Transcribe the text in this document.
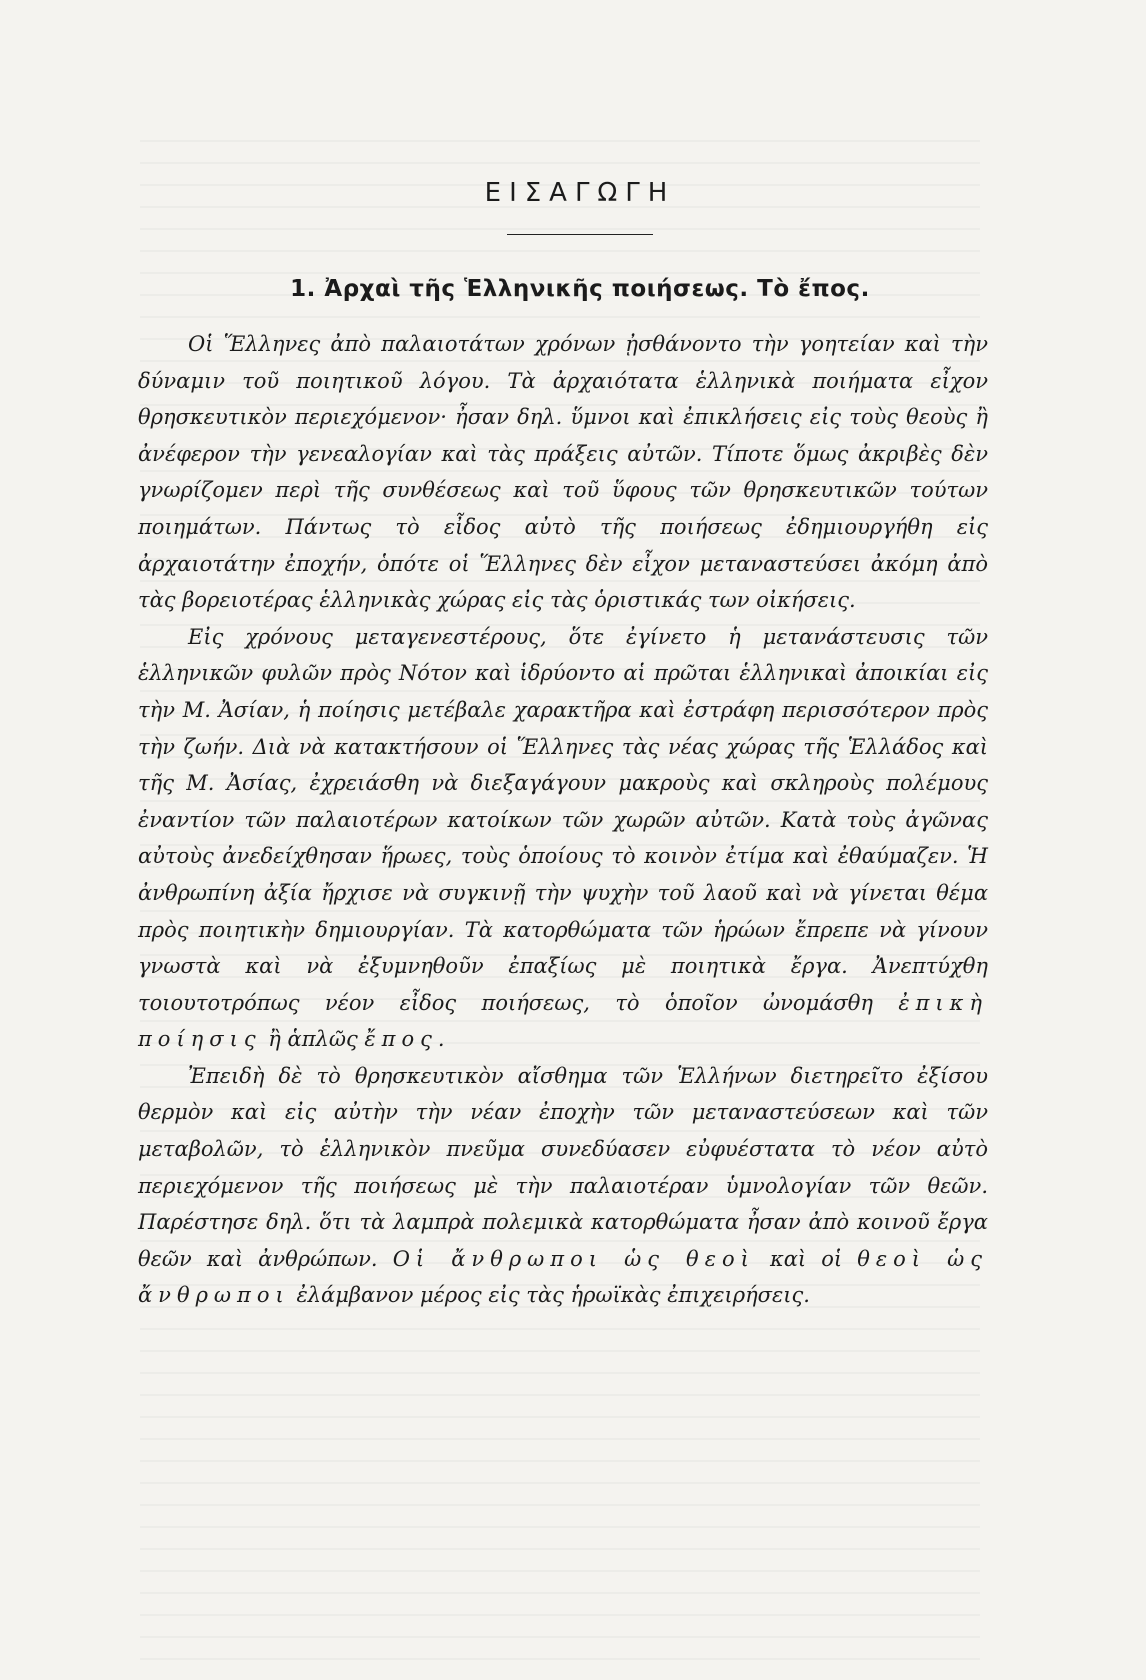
ΕΙΣΑΓΩΓΗ
1. Ἀρχαὶ τῆς Ἑλληνικῆς ποιήσεως. Τὸ ἔπος.

Οἱ Ἕλληνες ἀπὸ παλαιοτάτων χρόνων ᾐσθάνοντο τὴν γοητείαν καὶ τὴν δύναμιν τοῦ ποιητικοῦ λόγου. Τὰ ἀρχαιότατα ἑλληνικὰ ποιήματα εἶχον θρησκευτικὸν περιεχόμενον· ἦσαν δηλ. ὕμνοι καὶ ἐπικλήσεις εἰς τοὺς θεοὺς ἢ ἀνέφερον τὴν γενεαλογίαν καὶ τὰς πράξεις αὐτῶν. Τίποτε ὅμως ἀκριβὲς δὲν γνωρίζομεν περὶ τῆς συνθέσεως καὶ τοῦ ὕφους τῶν θρησκευτικῶν τούτων ποιημάτων. Πάντως τὸ εἶδος αὐτὸ τῆς ποιήσεως ἐδημιουργήθη εἰς ἀρχαιοτάτην ἐποχήν, ὁπότε οἱ Ἕλληνες δὲν εἶχον μεταναστεύσει ἀκόμη ἀπὸ τὰς βορειοτέρας ἑλληνικὰς χώρας εἰς τὰς ὁριστικάς των οἰκήσεις.

Εἰς χρόνους μεταγενεστέρους, ὅτε ἐγίνετο ἡ μετανάστευσις τῶν ἑλληνικῶν φυλῶν πρὸς Νότον καὶ ἱδρύοντο αἱ πρῶται ἑλληνικαὶ ἀποικίαι εἰς τὴν Μ. Ἀσίαν, ἡ ποίησις μετέβαλε χαρακτῆρα καὶ ἐστράφη περισσότερον πρὸς τὴν ζωήν. Διὰ νὰ κατακτήσουν οἱ Ἕλληνες τὰς νέας χώρας τῆς Ἑλλάδος καὶ τῆς Μ. Ἀσίας, ἐχρειάσθη νὰ διεξαγάγουν μακροὺς καὶ σκληροὺς πολέμους ἐναντίον τῶν παλαιοτέρων κατοίκων τῶν χωρῶν αὐτῶν. Κατὰ τοὺς ἀγῶνας αὐτοὺς ἀνεδείχθησαν ἥρωες, τοὺς ὁποίους τὸ κοινὸν ἐτίμα καὶ ἐθαύμαζεν. Ἡ ἀνθρωπίνη ἀξία ἤρχισε νὰ συγκινῇ τὴν ψυχὴν τοῦ λαοῦ καὶ νὰ γίνεται θέμα πρὸς ποιητικὴν δημιουργίαν. Τὰ κατορθώματα τῶν ἡρώων ἔπρεπε νὰ γίνουν γνωστὰ καὶ νὰ ἐξυμνηθοῦν ἐπαξίως μὲ ποιητικὰ ἔργα. Ἀνεπτύχθη τοιουτοτρόπως νέον εἶδος ποιήσεως, τὸ ὁποῖον ὠνομάσθη ἐπικὴ ποίησις ἢ ἁπλῶς ἔπος.

Ἐπειδὴ δὲ τὸ θρησκευτικὸν αἴσθημα τῶν Ἑλλήνων διετηρεῖτο ἐξίσου θερμὸν καὶ εἰς αὐτὴν τὴν νέαν ἐποχὴν τῶν μεταναστεύσεων καὶ τῶν μεταβολῶν, τὸ ἑλληνικὸν πνεῦμα συνεδύασεν εὐφυέστατα τὸ νέον αὐτὸ περιεχόμενον τῆς ποιήσεως μὲ τὴν παλαιοτέραν ὑμνολογίαν τῶν θεῶν. Παρέστησε δηλ. ὅτι τὰ λαμπρὰ πολεμικὰ κατορθώματα ἦσαν ἀπὸ κοινοῦ ἔργα θεῶν καὶ ἀνθρώπων. Οἱ ἄνθρωποι ὡς θεοὶ καὶ οἱ θεοὶ ὡς ἄνθρωποι ἐλάμβανον μέρος εἰς τὰς ἡρωϊκὰς ἐπιχειρήσεις.
